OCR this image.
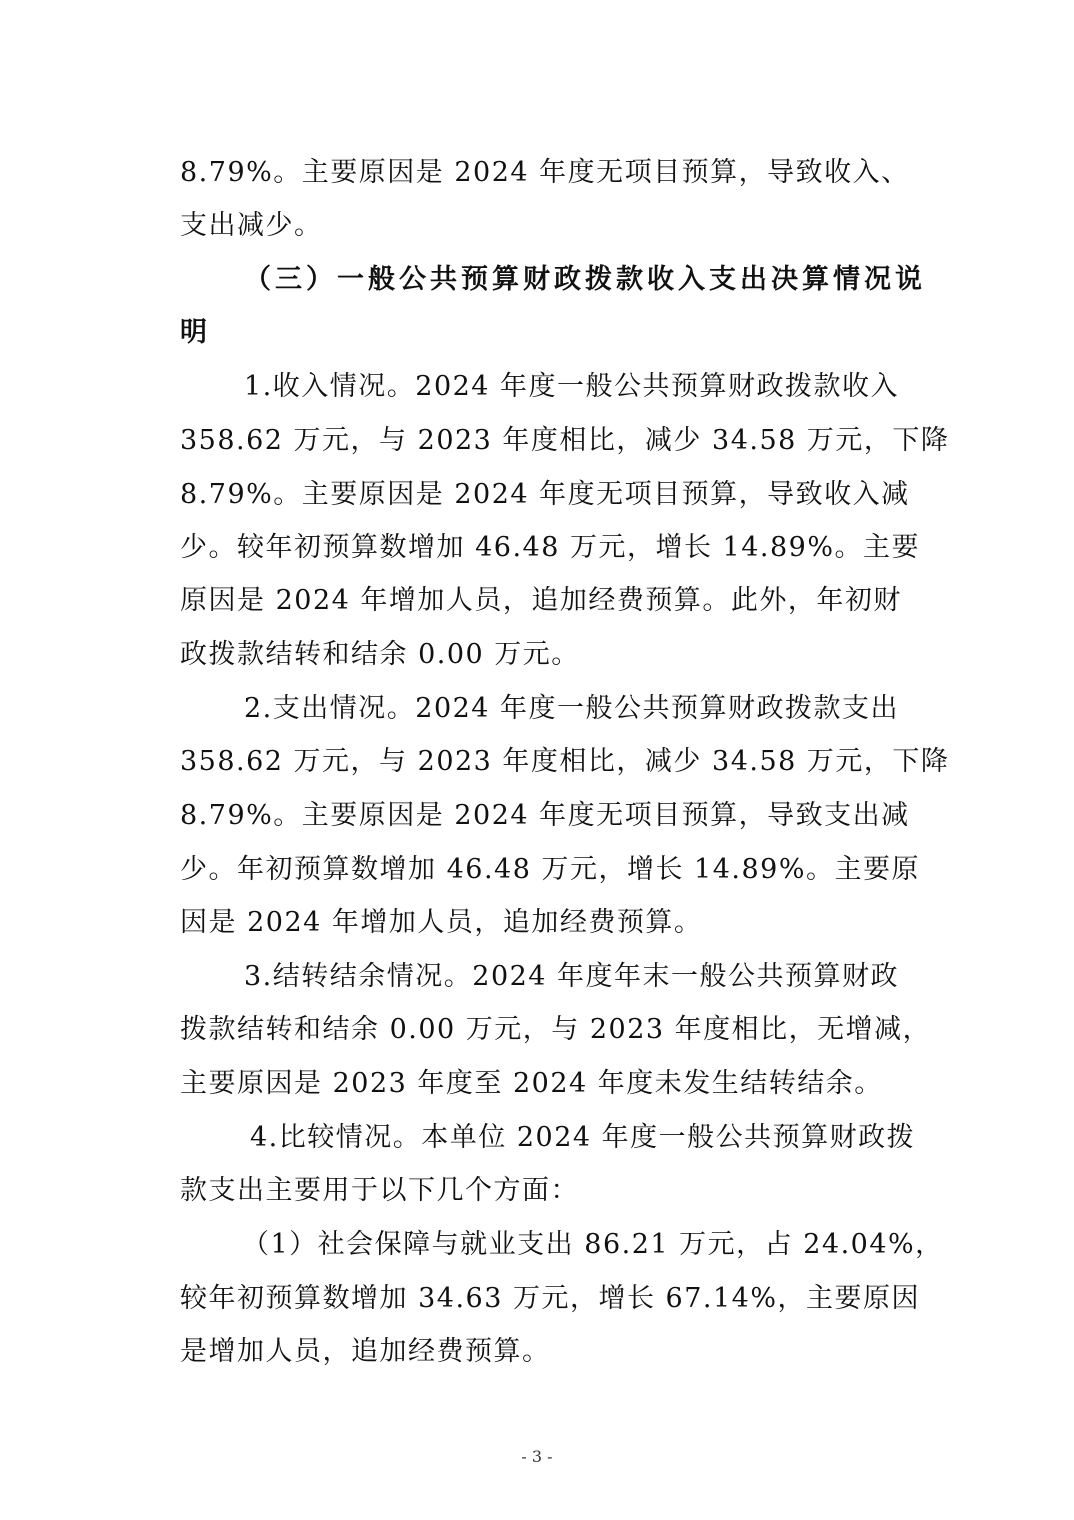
8.79%。主要原因是 2024 年度无项目预算，导致收入、
支出减少。
（三）一般公共预算财政拨款收入支出决算情况说
明
1.收入情况。2024 年度一般公共预算财政拨款收入
358.62 万元，与 2023 年度相比，减少 34.58 万元，下降
8.79%。主要原因是 2024 年度无项目预算，导致收入减
少。较年初预算数增加 46.48 万元，增长 14.89%。主要
原因是 2024 年增加人员，追加经费预算。此外，年初财
政拨款结转和结余 0.00 万元。
2.支出情况。2024 年度一般公共预算财政拨款支出
358.62 万元，与 2023 年度相比，减少 34.58 万元，下降
8.79%。主要原因是 2024 年度无项目预算，导致支出减
少。年初预算数增加 46.48 万元，增长 14.89%。主要原
因是 2024 年增加人员，追加经费预算。
3.结转结余情况。2024 年度年末一般公共预算财政
拨款结转和结余 0.00 万元，与 2023 年度相比，无增减，
主要原因是 2023 年度至 2024 年度未发生结转结余。
4.比较情况。本单位 2024 年度一般公共预算财政拨
款支出主要用于以下几个方面：
（1）社会保障与就业支出 86.21 万元，占 24.04%，
较年初预算数增加 34.63 万元，增长 67.14%，主要原因
是增加人员，追加经费预算。
- 3 -
